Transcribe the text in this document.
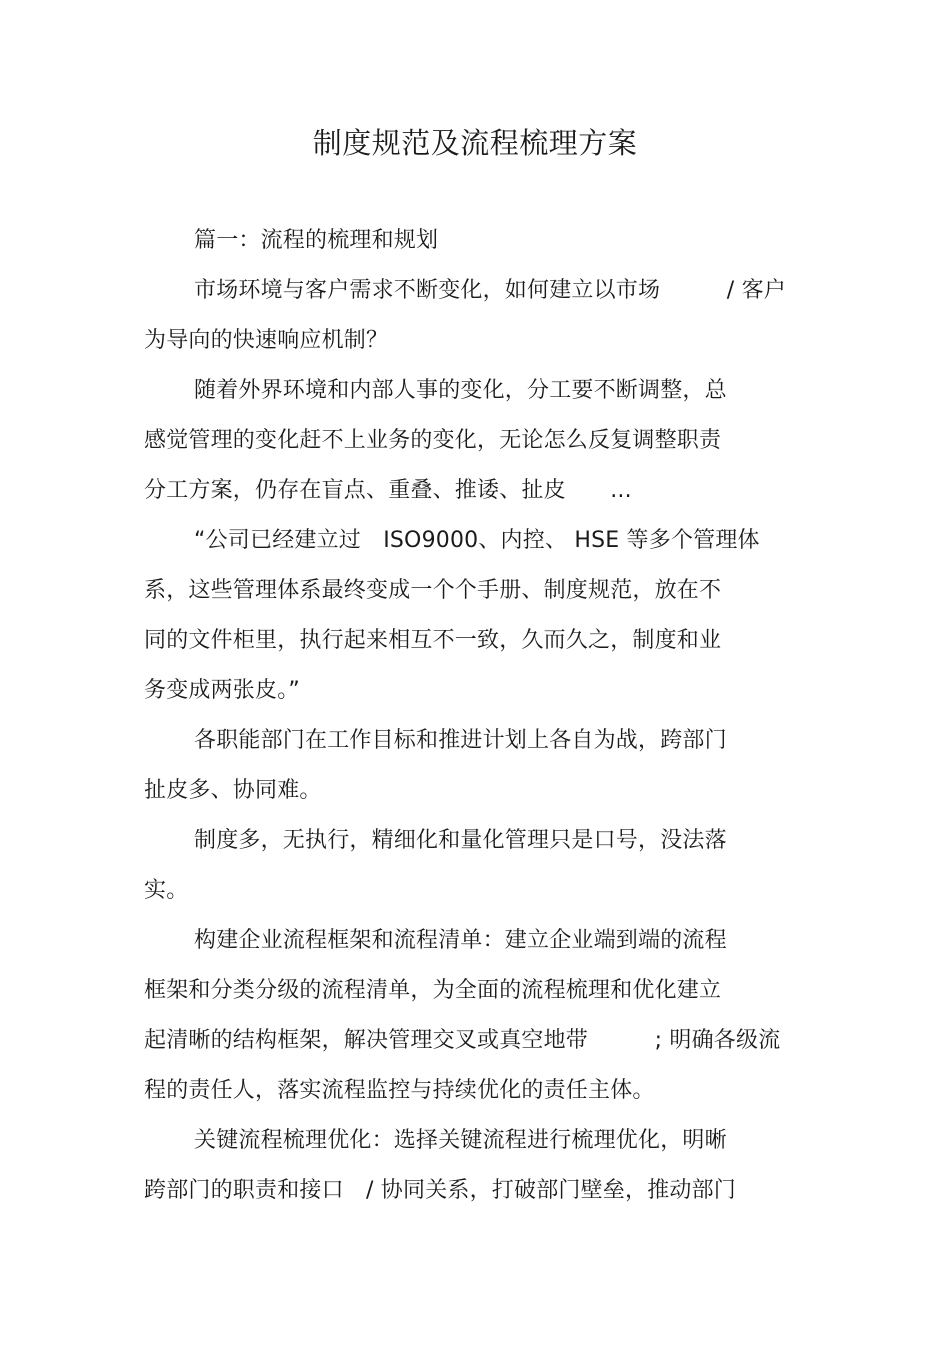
制度规范及流程梳理方案
篇一：流程的梳理和规划
市场环境与客户需求不断变化，如何建立以市场　　　/ 客户
为导向的快速响应机制？
随着外界环境和内部人事的变化，分工要不断调整，总
感觉管理的变化赶不上业务的变化，无论怎么反复调整职责
分工方案，仍存在盲点、重叠、推诿、扯皮　　...
“公司已经建立过　ISO9000、内控、 HSE 等多个管理体
系，这些管理体系最终变成一个个手册、制度规范，放在不
同的文件柜里，执行起来相互不一致，久而久之，制度和业
务变成两张皮。”
各职能部门在工作目标和推进计划上各自为战，跨部门
扯皮多、协同难。
制度多，无执行，精细化和量化管理只是口号，没法落
实。
构建企业流程框架和流程清单：建立企业端到端的流程
框架和分类分级的流程清单，为全面的流程梳理和优化建立
起清晰的结构框架，解决管理交叉或真空地带　　　; 明确各级流
程的责任人，落实流程监控与持续优化的责任主体。
关键流程梳理优化：选择关键流程进行梳理优化，明晰
跨部门的职责和接口　/ 协同关系，打破部门壁垒，推动部门
